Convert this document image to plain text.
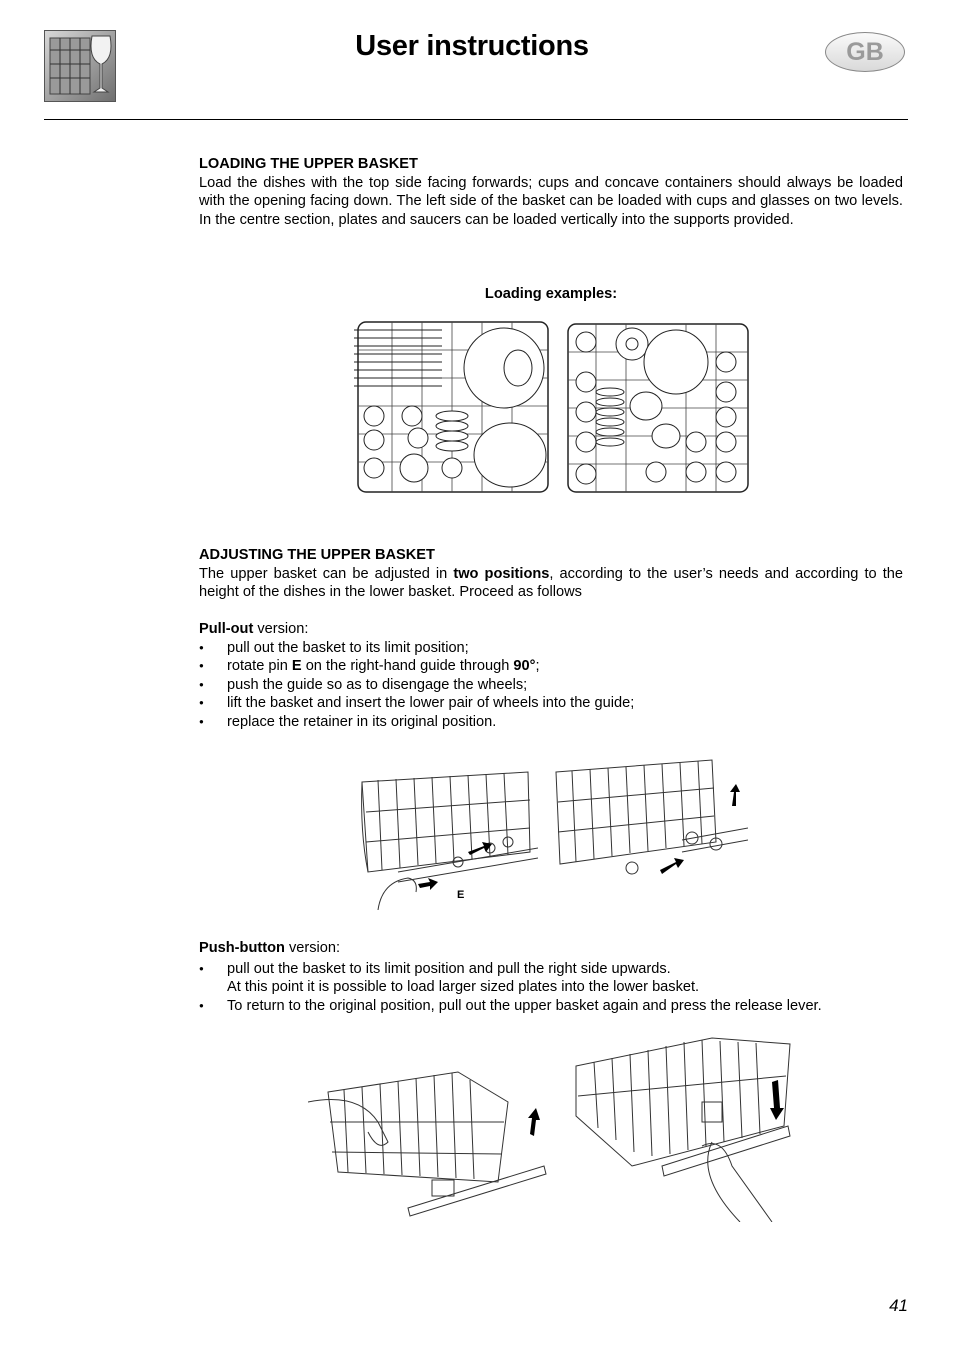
User instructions	GB
LOADING THE UPPER BASKET
Load the dishes with the top side facing forwards; cups and concave containers should always be loaded with the opening facing down. The left side of the basket can be loaded with cups and glasses on two levels. In the centre section, plates and saucers can be loaded vertically into the supports provided.
Loading examples:
ADJUSTING THE UPPER BASKET
The upper basket can be adjusted in two positions, according to the user’s needs and according to the height of the dishes in the lower basket. Proceed as follows
Pull-out version:
● pull out the basket to its limit position;
● rotate pin E on the right-hand guide through 90°;
● push the guide so as to disengage the wheels;
● lift the basket and insert the lower pair of wheels into the guide;
● replace the retainer in its original position.
E
Push-button version:
● pull out the basket to its limit position and pull the right side upwards.
At this point it is possible to load larger sized plates into the lower basket.
● To return to the original position, pull out the upper basket again and press the release lever.
41
